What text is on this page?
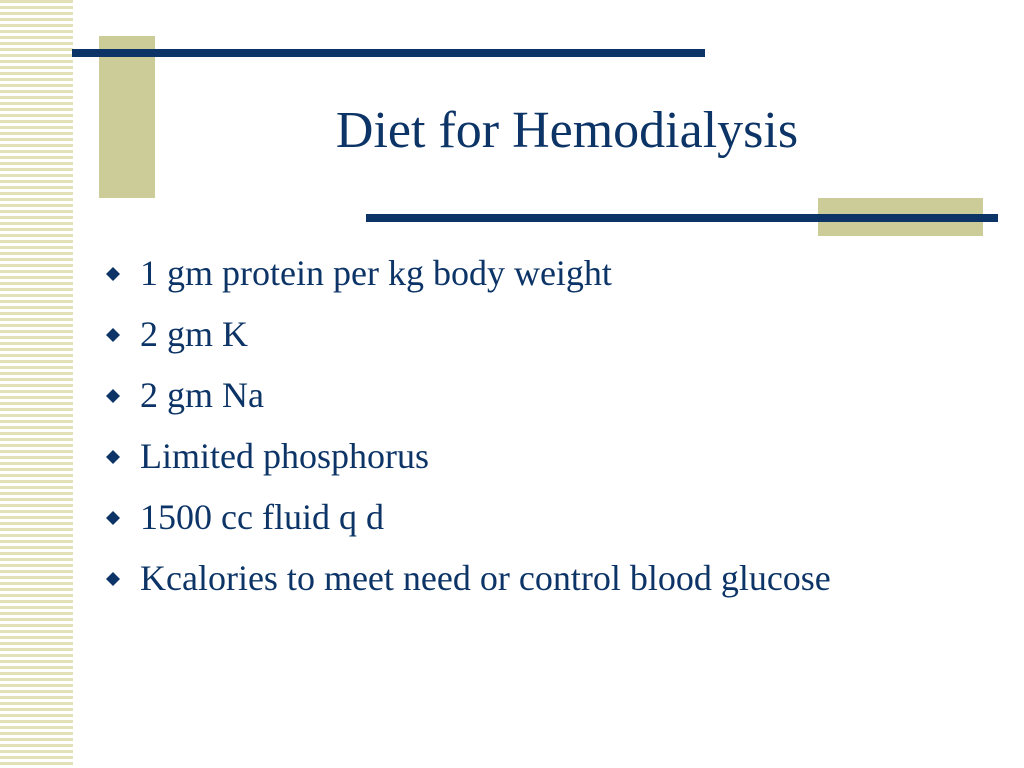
Diet for Hemodialysis
1 gm protein per kg body weight
2 gm K
2 gm Na
Limited phosphorus
1500 cc fluid q d
Kcalories to meet need or control blood glucose
